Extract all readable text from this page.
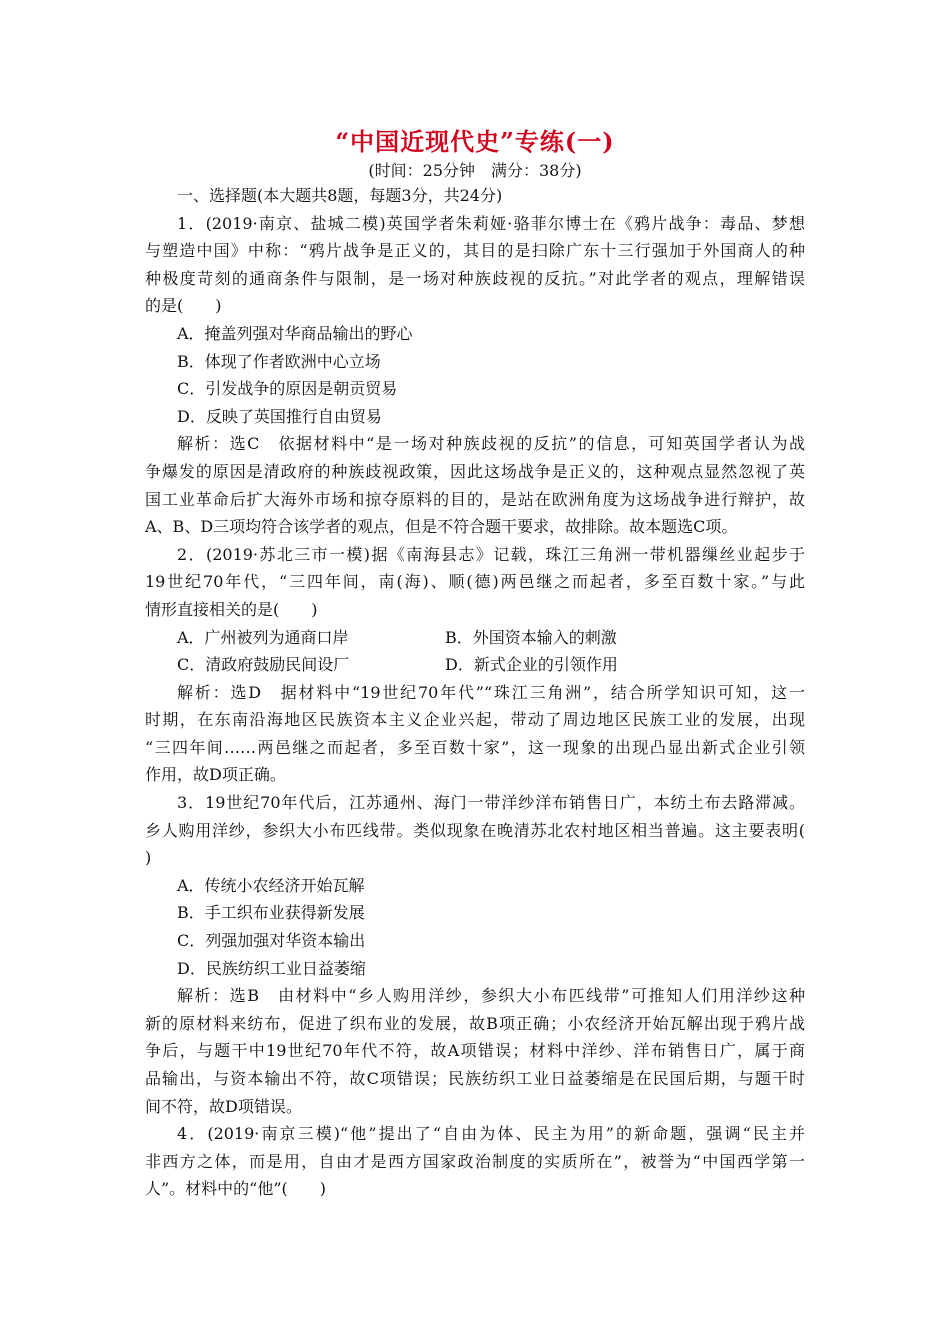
“中国近现代史”专练(一)
(时间：25分钟　满分：38分)
一、选择题(本大题共8题，每题3分，共24分)
1．(2019·南京、盐城二模)英国学者朱莉娅·骆菲尔博士在《鸦片战争：毒品、梦想
与塑造中国》中称：“鸦片战争是正义的，其目的是扫除广东十三行强加于外国商人的种
种极度苛刻的通商条件与限制，是一场对种族歧视的反抗。”对此学者的观点，理解错误
的是(　　)
A．掩盖列强对华商品输出的野心
B．体现了作者欧洲中心立场
C．引发战争的原因是朝贡贸易
D．反映了英国推行自由贸易
解析：选C　依据材料中“是一场对种族歧视的反抗”的信息，可知英国学者认为战
争爆发的原因是清政府的种族歧视政策，因此这场战争是正义的，这种观点显然忽视了英
国工业革命后扩大海外市场和掠夺原料的目的，是站在欧洲角度为这场战争进行辩护，故
A、B、D三项均符合该学者的观点，但是不符合题干要求，故排除。故本题选C项。
2．(2019·苏北三市一模)据《南海县志》记载，珠江三角洲一带机器缫丝业起步于
19世纪70年代，“三四年间，南(海)、顺(德)两邑继之而起者，多至百数十家。”与此
情形直接相关的是(　　)
A．广州被列为通商口岸	B．外国资本输入的刺激
C．清政府鼓励民间设厂	D．新式企业的引领作用
解析：选D　据材料中“19世纪70年代”“珠江三角洲”，结合所学知识可知，这一
时期，在东南沿海地区民族资本主义企业兴起，带动了周边地区民族工业的发展，出现
“三四年间……两邑继之而起者，多至百数十家”，这一现象的出现凸显出新式企业引领
作用，故D项正确。
3．19世纪70年代后，江苏通州、海门一带洋纱洋布销售日广，本纺土布去路滞减。
乡人购用洋纱，参织大小布匹线带。类似现象在晚清苏北农村地区相当普遍。这主要表明(
)
A．传统小农经济开始瓦解
B．手工织布业获得新发展
C．列强加强对华资本输出
D．民族纺织工业日益萎缩
解析：选B　由材料中“乡人购用洋纱，参织大小布匹线带”可推知人们用洋纱这种
新的原材料来纺布，促进了织布业的发展，故B项正确；小农经济开始瓦解出现于鸦片战
争后，与题干中19世纪70年代不符，故A项错误；材料中洋纱、洋布销售日广，属于商
品输出，与资本输出不符，故C项错误；民族纺织工业日益萎缩是在民国后期，与题干时
间不符，故D项错误。
4．(2019·南京三模)“他”提出了“自由为体、民主为用”的新命题，强调“民主并
非西方之体，而是用，自由才是西方国家政治制度的实质所在”，被誉为“中国西学第一
人”。材料中的“他”(　　)
